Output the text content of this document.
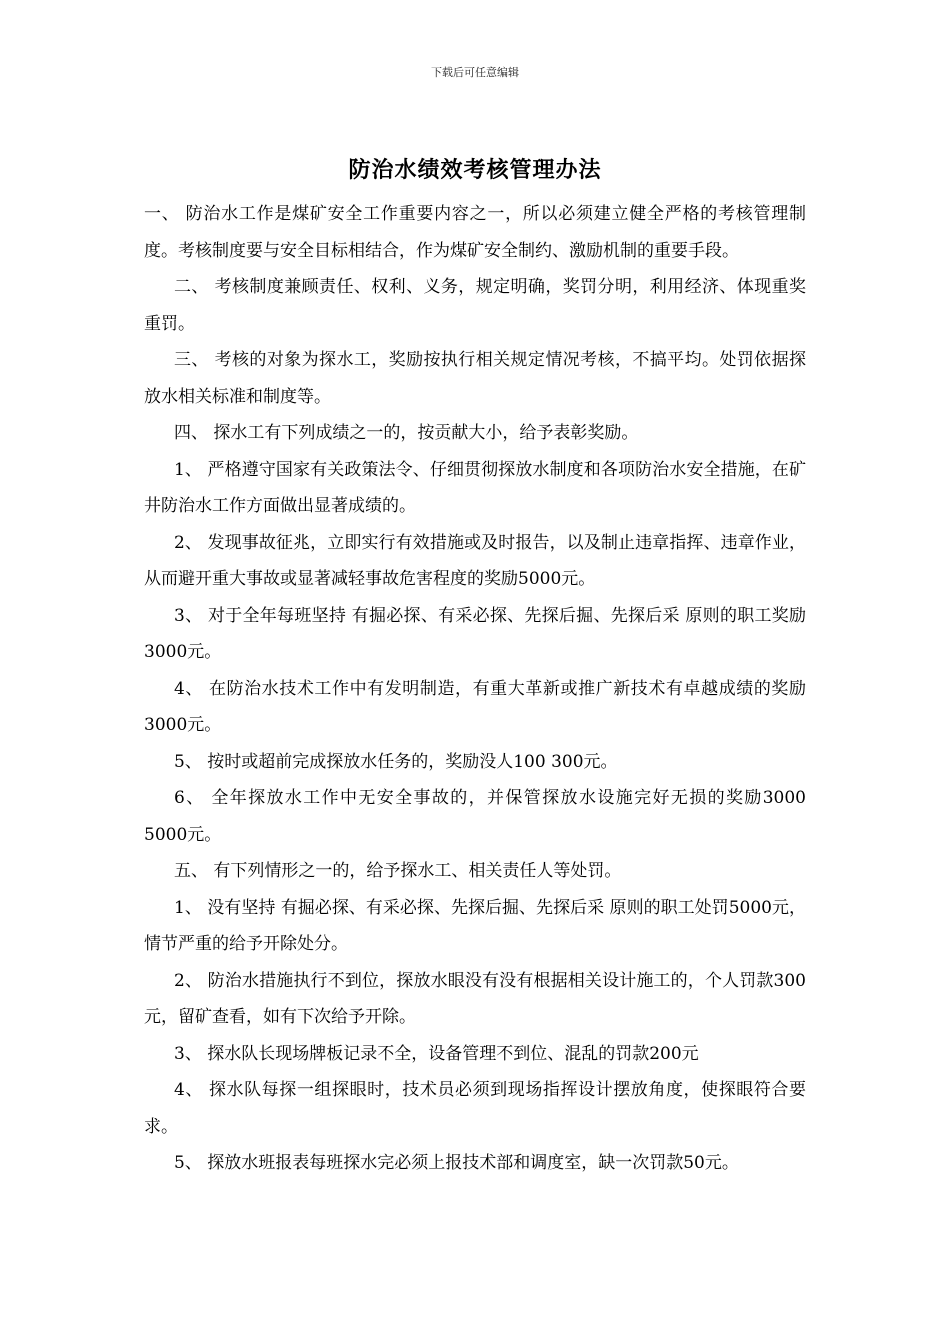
下载后可任意编辑
防治水绩效考核管理办法

一、 防治水工作是煤矿安全工作重要内容之一，所以必须建立健全严格的考核管理制度。考核制度要与安全目标相结合，作为煤矿安全制约、激励机制的重要手段。

二、 考核制度兼顾责任、权利、义务，规定明确，奖罚分明，利用经济、体现重奖重罚。

三、 考核的对象为探水工，奖励按执行相关规定情况考核，不搞平均。处罚依据探放水相关标准和制度等。

四、 探水工有下列成绩之一的，按贡献大小，给予表彰奖励。

1、 严格遵守国家有关政策法令、仔细贯彻探放水制度和各项防治水安全措施，在矿井防治水工作方面做出显著成绩的。

2、 发现事故征兆，立即实行有效措施或及时报告，以及制止违章指挥、违章作业，从而避开重大事故或显著减轻事故危害程度的奖励5000元。

3、 对于全年每班坚持 有掘必探、有采必探、先探后掘、先探后采 原则的职工奖励3000元。

4、 在防治水技术工作中有发明制造，有重大革新或推广新技术有卓越成绩的奖励3000元。

5、 按时或超前完成探放水任务的，奖励没人100 300元。

6、 全年探放水工作中无安全事故的，并保管探放水设施完好无损的奖励3000 5000元。

五、 有下列情形之一的，给予探水工、相关责任人等处罚。

1、 没有坚持 有掘必探、有采必探、先探后掘、先探后采 原则的职工处罚5000元，情节严重的给予开除处分。

2、 防治水措施执行不到位，探放水眼没有没有根据相关设计施工的，个人罚款300元，留矿查看，如有下次给予开除。

3、 探水队长现场牌板记录不全，设备管理不到位、混乱的罚款200元

4、 探水队每探一组探眼时，技术员必须到现场指挥设计摆放角度，使探眼符合要求。

5、 探放水班报表每班探水完必须上报技术部和调度室，缺一次罚款50元。
